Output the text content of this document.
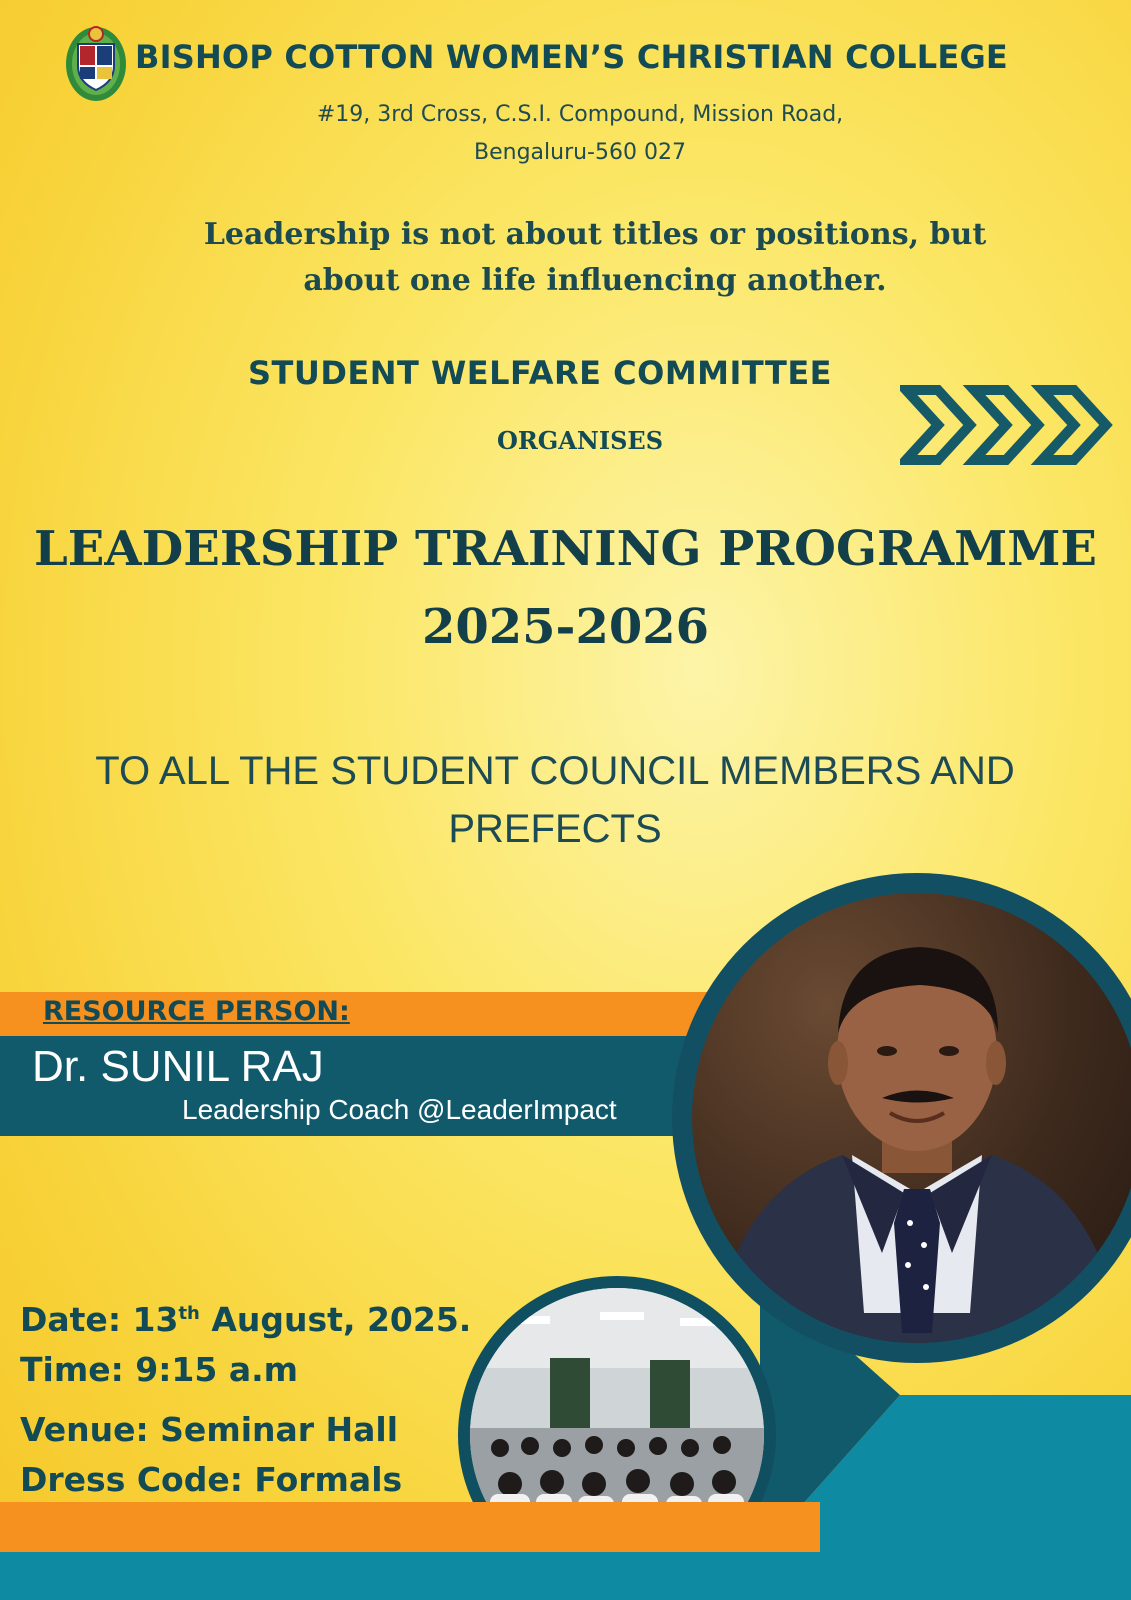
BISHOP COTTON WOMEN’S CHRISTIAN COLLEGE
#19, 3rd Cross, C.S.I. Compound, Mission Road,
Bengaluru-560 027
Leadership is not about titles or positions, but
about one life influencing another.
STUDENT WELFARE COMMITTEE
ORGANISES
LEADERSHIP TRAINING PROGRAMME
2025-2026
TO ALL THE STUDENT COUNCIL MEMBERS AND
PREFECTS
RESOURCE PERSON:
Dr. SUNIL RAJ
Leadership Coach @LeaderImpact
Date: 13th August, 2025.
Time: 9:15 a.m
Venue: Seminar Hall
Dress Code: Formals
